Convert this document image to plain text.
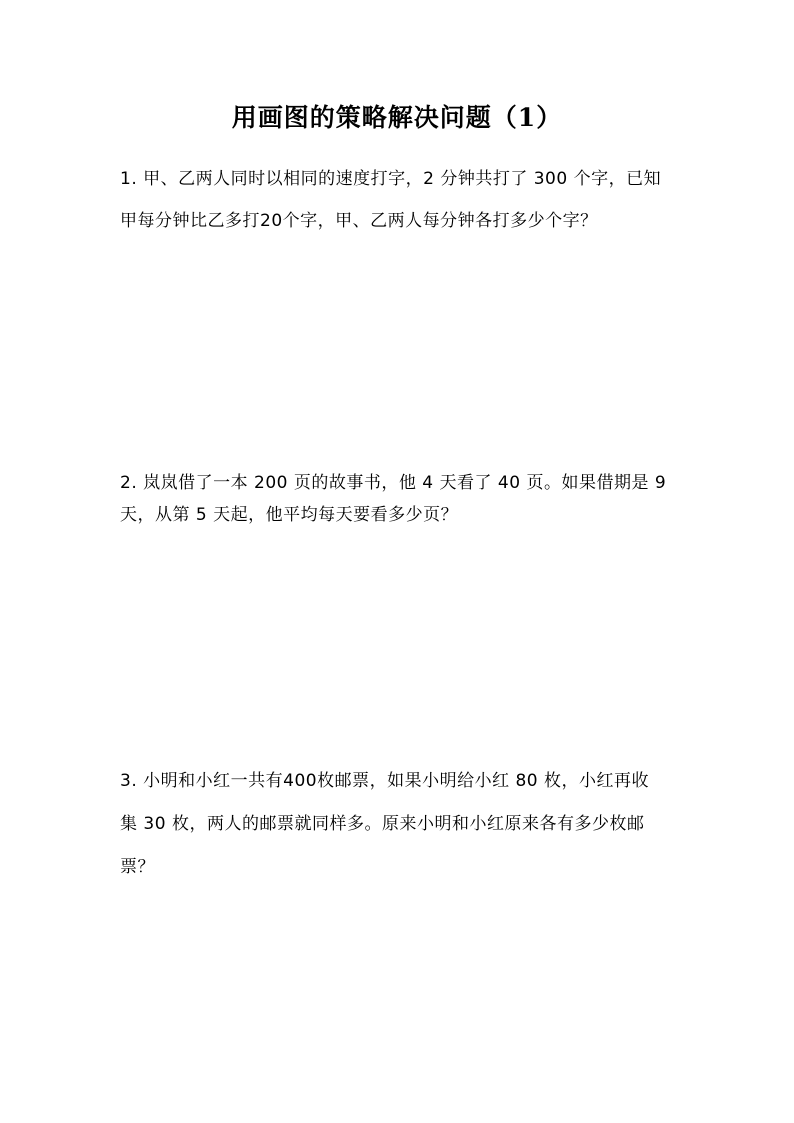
用画图的策略解决问题（1）
1. 甲、乙两人同时以相同的速度打字，2 分钟共打了 300 个字，已知
甲每分钟比乙多打20个字，甲、乙两人每分钟各打多少个字？
2. 岚岚借了一本 200 页的故事书，他 4 天看了 40 页。如果借期是 9
天，从第 5 天起，他平均每天要看多少页？
3. 小明和小红一共有400枚邮票，如果小明给小红 80 枚，小红再收
集 30 枚，两人的邮票就同样多。原来小明和小红原来各有多少枚邮
票？
